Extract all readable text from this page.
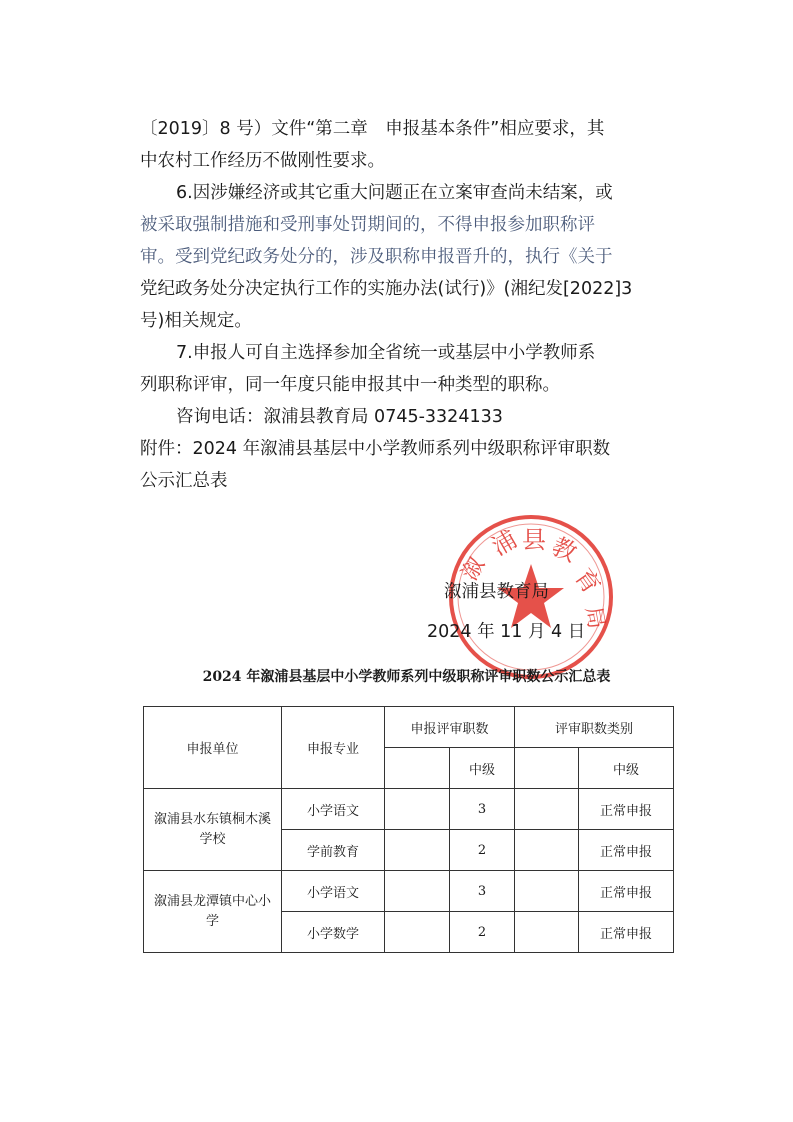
〔2019〕8 号）文件“第二章　申报基本条件”相应要求，其
中农村工作经历不做刚性要求。
6.因涉嫌经济或其它重大问题正在立案审查尚未结案，或
被采取强制措施和受刑事处罚期间的，不得申报参加职称评
审。受到党纪政务处分的，涉及职称申报晋升的，执行《关于
党纪政务处分决定执行工作的实施办法(试行)》(湘纪发[2022]3
号)相关规定。
7.申报人可自主选择参加全省统一或基层中小学教师系
列职称评审，同一年度只能申报其中一种类型的职称。
咨询电话：溆浦县教育局 0745-3324133
附件：2024 年溆浦县基层中小学教师系列中级职称评审职数
公示汇总表
浦 县 教
育
局
溆
溆浦县教育局
2024 年 11 月 4 日
2024 年溆浦县基层中小学教师系列中级职称评审职数公示汇总表
申报单位	申报专业	申报评审职数		评审职数类别	
			中级		中级
溆浦县水东镇桐木溪学校	小学语文		3		正常申报
	学前教育		2		正常申报
溆浦县龙潭镇中心小学	小学语文		3		正常申报
	小学数学		2		正常申报
